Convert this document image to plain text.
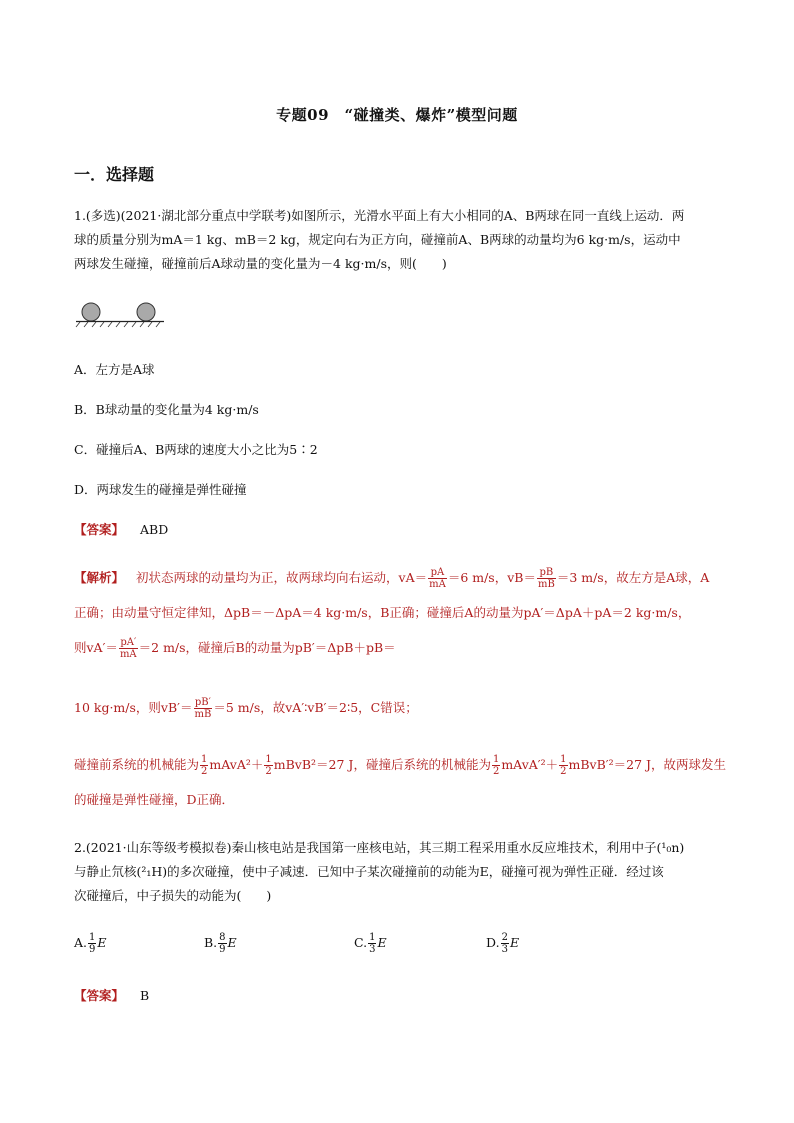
专题09　“碰撞类、爆炸”模型问题
一．选择题
1.(多选)(2021·湖北部分重点中学联考)如图所示，光滑水平面上有大小相同的A、B两球在同一直线上运动．两
球的质量分别为mA＝1 kg、mB＝2 kg，规定向右为正方向，碰撞前A、B两球的动量均为6 kg·m/s，运动中
两球发生碰撞，碰撞前后A球动量的变化量为－4 kg·m/s，则(　　)
A．左方是A球
B．B球动量的变化量为4 kg·m/s
C．碰撞后A、B两球的速度大小之比为5∶2
D．两球发生的碰撞是弹性碰撞
【答案】 ABD
【解析】 初状态两球的动量均为正，故两球均向右运动，$vA= \frac{pA}{mA} =6$ m/s，$vB= \frac{pB}{mB} =3$ m/s，故左方是A球，A
正确；由动量守恒定律知，ΔpB＝－ΔpA＝4 kg·m/s，B正确；碰撞后A的动量为pA′＝ΔpA＋pA＝2 kg·m/s，
则$vA'= \frac{pA'}{mA} =2$ m/s，碰撞后B的动量为pB′＝ΔpB＋pB＝
10 kg·m/s，则$vB'= \frac{pB'}{mB} =5$ m/s，故vA′∶vB′＝2∶5，C错误；
碰撞前系统的机械能为 $\frac{1}{2}$ mAvA²＋ $\frac{1}{2}$ mBvB²＝27 J，碰撞后系统的机械能为 $\frac{1}{2}$ mAvA′²＋ $\frac{1}{2}$ mBvB′²＝27 J，故两球发生
的碰撞是弹性碰撞，D正确．
2.(2021·山东等级考模拟卷)秦山核电站是我国第一座核电站，其三期工程采用重水反应堆技术，利用中子(¹₀n)
与静止氘核(²₁H)的多次碰撞，使中子减速．已知中子某次碰撞前的动能为E，碰撞可视为弹性正碰．经过该
次碰撞后，中子损失的动能为(　　)
A. $\frac{1}{9}$ E	B. $\frac{8}{9}$ E	C. $\frac{1}{3}$ E	D. $\frac{2}{3}$ E
【答案】 B
